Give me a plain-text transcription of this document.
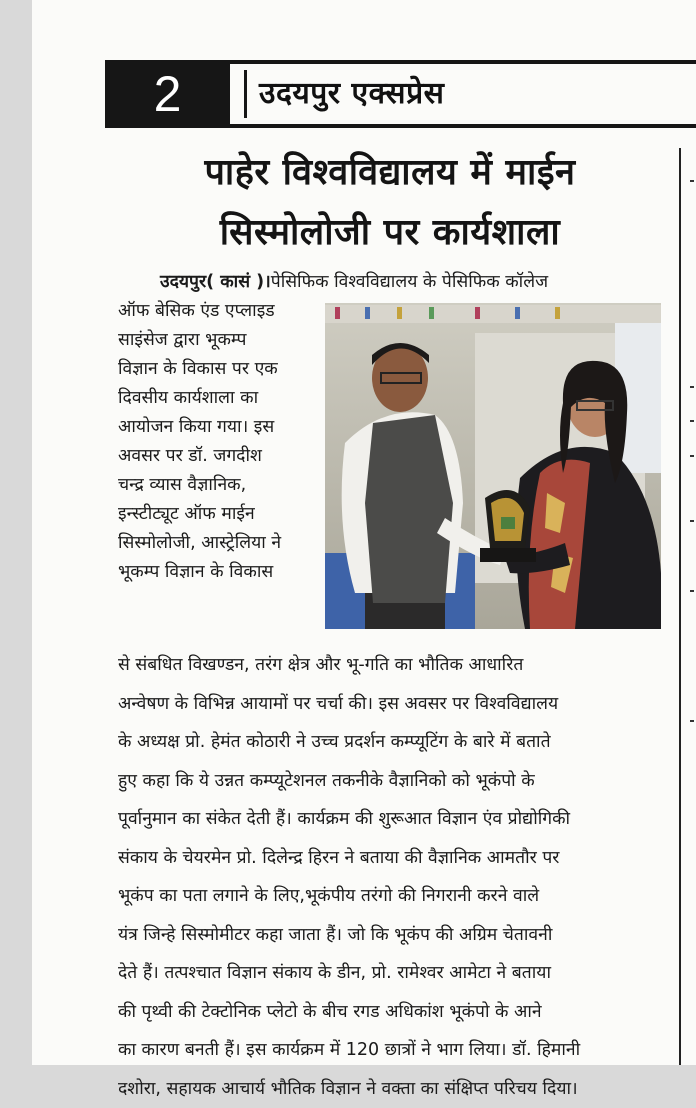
2	उदयपुर एक्सप्रेस
पाहेर विश्वविद्यालय में माईन
सिस्मोलोजी पर कार्यशाला
उदयपुर( कासं )।पेसिफिक विश्वविद्यालय के पेसिफिक कॉलेज
ऑफ बेसिक एंड एप्लाइड
साइंसेज द्वारा भूकम्प
विज्ञान के विकास पर एक
दिवसीय कार्यशाला का
आयोजन किया गया। इस
अवसर पर डॉ. जगदीश
चन्द्र व्यास वैज्ञानिक,
इन्स्टीट्यूट ऑफ माईन
सिस्मोलोजी, आस्ट्रेलिया ने
भूकम्प विज्ञान के विकास
से संबधित विखण्डन, तरंग क्षेत्र और भू-गति का भौतिक आधारित
अन्वेषण के विभिन्न आयामों पर चर्चा की। इस अवसर पर विश्वविद्यालय
के अध्यक्ष प्रो. हेमंत कोठारी ने उच्च प्रदर्शन कम्प्यूटिंग के बारे में बताते
हुए कहा कि ये उन्नत कम्प्यूटेशनल तकनीके वैज्ञानिको को भूकंपो के
पूर्वानुमान का संकेत देती हैं। कार्यक्रम की शुरूआत विज्ञान एंव प्रोद्योगिकी
संकाय के चेयरमेन प्रो. दिलेन्द्र हिरन ने बताया की वैज्ञानिक आमतौर पर
भूकंप का पता लगाने के लिए,भूकंपीय तरंगो की निगरानी करने वाले
यंत्र जिन्हे सिस्मोमीटर कहा जाता हैं। जो कि भूकंप की अग्रिम चेतावनी
देते हैं। तत्पश्चात विज्ञान संकाय के डीन, प्रो. रामेश्वर आमेटा ने बताया
की पृथ्वी की टेक्टोनिक प्लेटो के बीच रगड अधिकांश भूकंपो के आने
का कारण बनती हैं। इस कार्यक्रम में 120 छात्रों ने भाग लिया। डॉ. हिमानी
दशोरा, सहायक आचार्य भौतिक विज्ञान ने वक्ता का संक्षिप्त परिचय दिया।
